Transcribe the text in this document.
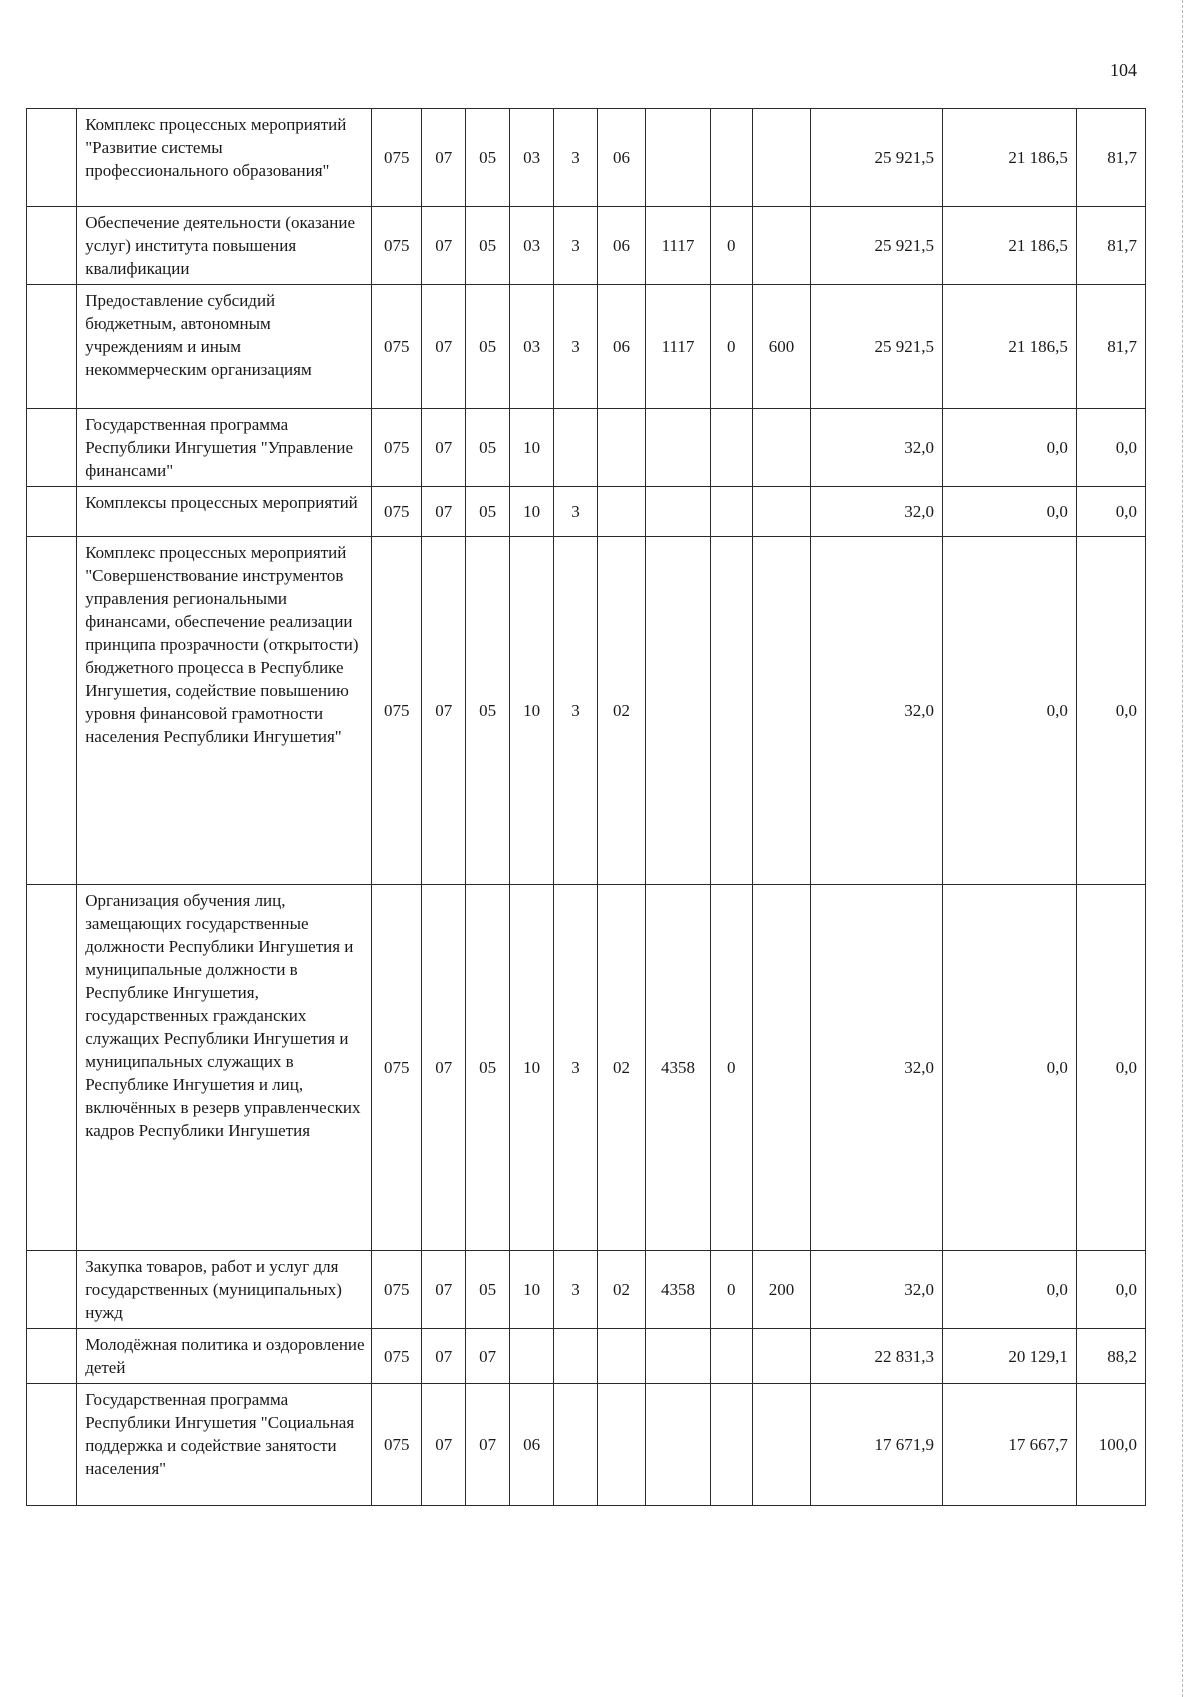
104
	Комплекс процессных мероприятий "Развитие системы профессионального образования"	075	07	05	03	3	06				25 921,5	21 186,5	81,7
	Обеспечение деятельности (оказание услуг) института повышения квалификации	075	07	05	03	3	06	1117	0		25 921,5	21 186,5	81,7
	Предоставление субсидий бюджетным, автономным учреждениям и иным некоммерческим организациям	075	07	05	03	3	06	1117	0	600	25 921,5	21 186,5	81,7
	Государственная программа Республики Ингушетия "Управление финансами"	075	07	05	10						32,0	0,0	0,0
	Комплексы процессных мероприятий	075	07	05	10	3					32,0	0,0	0,0
	Комплекс процессных мероприятий "Совершенствование инструментов управления региональными финансами, обеспечение реализации принципа прозрачности (открытости) бюджетного процесса в Республике Ингушетия, содействие повышению уровня финансовой грамотности населения Республики Ингушетия"	075	07	05	10	3	02				32,0	0,0	0,0
	Организация обучения лиц, замещающих государственные должности Республики Ингушетия и муниципальные должности в Республике Ингушетия, государственных гражданских служащих Республики Ингушетия и муниципальных служащих в Республике Ингушетия и лиц, включённых в резерв управленческих кадров Республики Ингушетия	075	07	05	10	3	02	4358	0		32,0	0,0	0,0
	Закупка товаров, работ и услуг для государственных (муниципальных) нужд	075	07	05	10	3	02	4358	0	200	32,0	0,0	0,0
	Молодёжная политика и оздоровление детей	075	07	07							22 831,3	20 129,1	88,2
	Государственная программа Республики Ингушетия "Социальная поддержка и содействие занятости населения"	075	07	07	06						17 671,9	17 667,7	100,0
